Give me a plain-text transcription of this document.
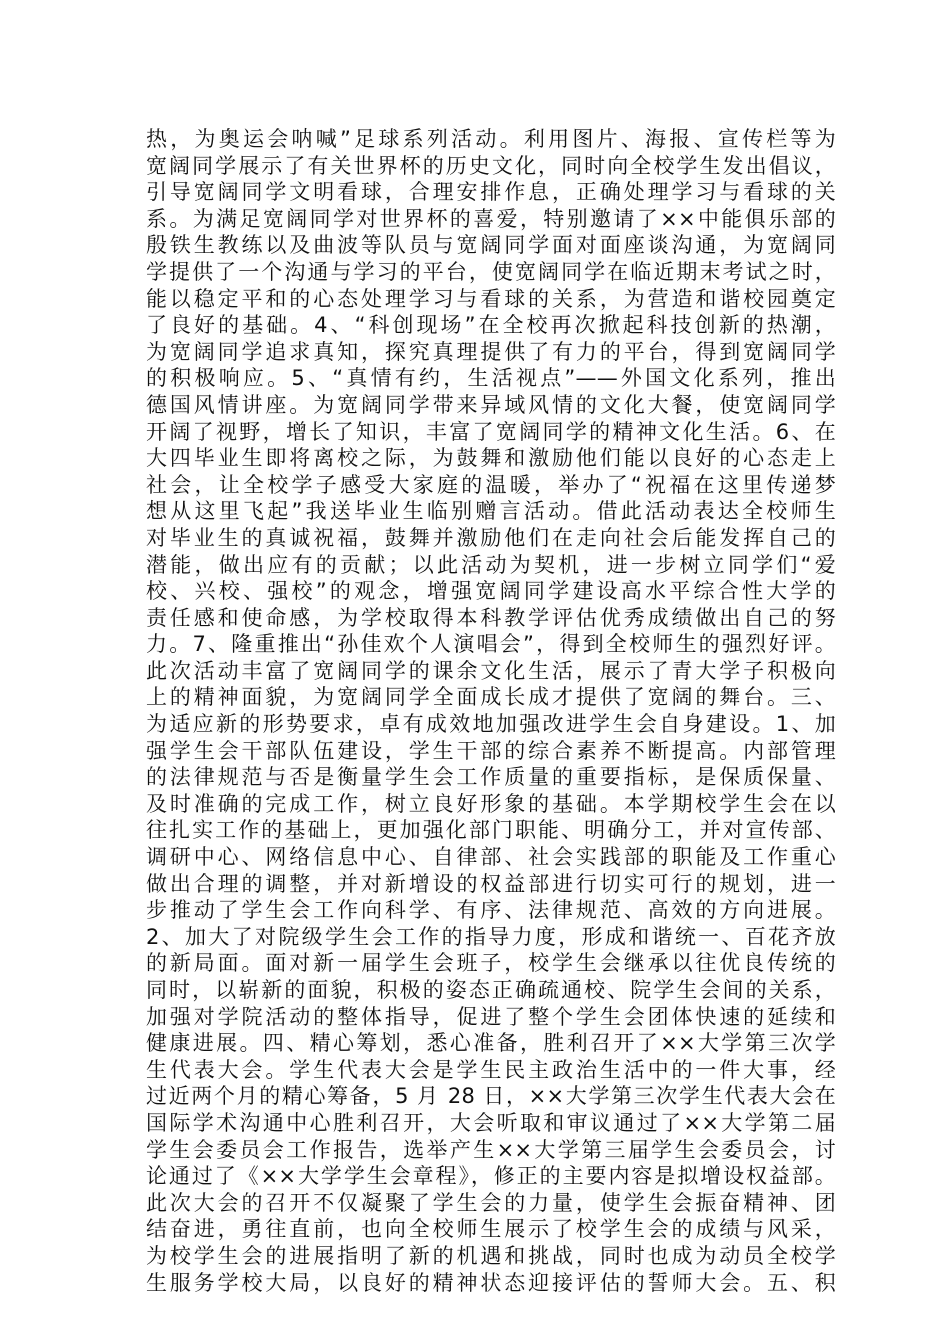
热，为奥运会呐喊”足球系列活动。利用图片、海报、宣传栏等为
宽阔同学展示了有关世界杯的历史文化，同时向全校学生发出倡议，
引导宽阔同学文明看球，合理安排作息，正确处理学习与看球的关
系。为满足宽阔同学对世界杯的喜爱，特别邀请了××中能俱乐部的
殷铁生教练以及曲波等队员与宽阔同学面对面座谈沟通，为宽阔同
学提供了一个沟通与学习的平台，使宽阔同学在临近期末考试之时，
能以稳定平和的心态处理学习与看球的关系，为营造和谐校园奠定
了良好的基础。4、“科创现场”在全校再次掀起科技创新的热潮，
为宽阔同学追求真知，探究真理提供了有力的平台，得到宽阔同学
的积极响应。5、“真情有约，生活视点”——外国文化系列，推出
德国风情讲座。为宽阔同学带来异域风情的文化大餐，使宽阔同学
开阔了视野，增长了知识，丰富了宽阔同学的精神文化生活。6、在
大四毕业生即将离校之际，为鼓舞和激励他们能以良好的心态走上
社会，让全校学子感受大家庭的温暖，举办了“祝福在这里传递梦
想从这里飞起”我送毕业生临别赠言活动。借此活动表达全校师生
对毕业生的真诚祝福，鼓舞并激励他们在走向社会后能发挥自己的
潜能，做出应有的贡献；以此活动为契机，进一步树立同学们“爱
校、兴校、强校”的观念，增强宽阔同学建设高水平综合性大学的
责任感和使命感，为学校取得本科教学评估优秀成绩做出自己的努
力。7、隆重推出“孙佳欢个人演唱会”，得到全校师生的强烈好评。
此次活动丰富了宽阔同学的课余文化生活，展示了青大学子积极向
上的精神面貌，为宽阔同学全面成长成才提供了宽阔的舞台。三、
为适应新的形势要求，卓有成效地加强改进学生会自身建设。1、加
强学生会干部队伍建设，学生干部的综合素养不断提高。内部管理
的法律规范与否是衡量学生会工作质量的重要指标，是保质保量、
及时准确的完成工作，树立良好形象的基础。本学期校学生会在以
往扎实工作的基础上，更加强化部门职能、明确分工，并对宣传部、
调研中心、网络信息中心、自律部、社会实践部的职能及工作重心
做出合理的调整，并对新增设的权益部进行切实可行的规划，进一
步推动了学生会工作向科学、有序、法律规范、高效的方向进展。
2、加大了对院级学生会工作的指导力度，形成和谐统一、百花齐放
的新局面。面对新一届学生会班子，校学生会继承以往优良传统的
同时，以崭新的面貌，积极的姿态正确疏通校、院学生会间的关系，
加强对学院活动的整体指导，促进了整个学生会团体快速的延续和
健康进展。四、精心筹划，悉心准备，胜利召开了××大学第三次学
生代表大会。学生代表大会是学生民主政治生活中的一件大事，经
过近两个月的精心筹备，5 月 28 日，××大学第三次学生代表大会在
国际学术沟通中心胜利召开，大会听取和审议通过了××大学第二届
学生会委员会工作报告，选举产生××大学第三届学生会委员会，讨
论通过了《××大学学生会章程》，修正的主要内容是拟增设权益部。
此次大会的召开不仅凝聚了学生会的力量，使学生会振奋精神、团
结奋进，勇往直前，也向全校师生展示了校学生会的成绩与风采，
为校学生会的进展指明了新的机遇和挑战，同时也成为动员全校学
生服务学校大局，以良好的精神状态迎接评估的誓师大会。五、积
